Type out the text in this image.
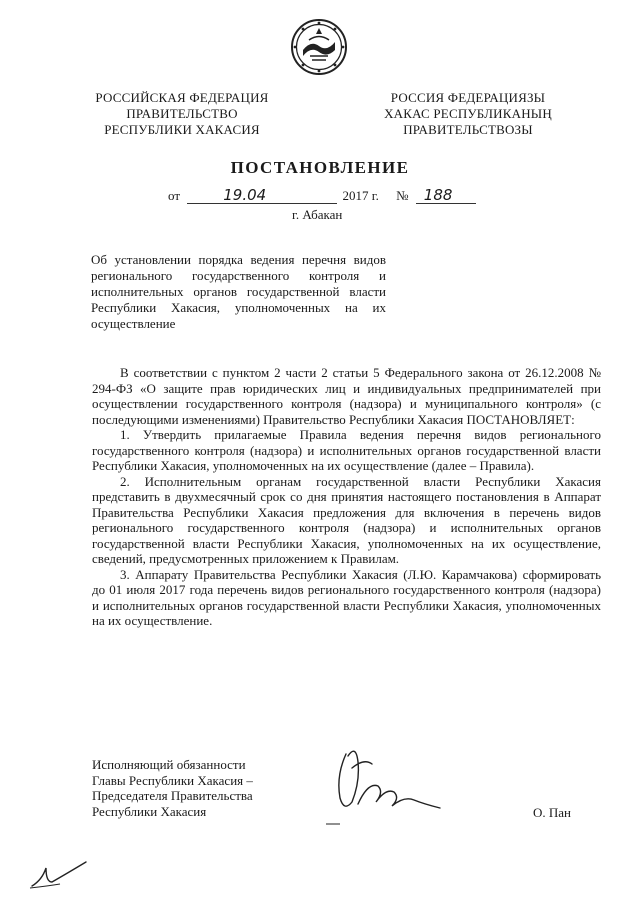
РОССИЙСКАЯ ФЕДЕРАЦИЯ
ПРАВИТЕЛЬСТВО
РЕСПУБЛИКИ ХАКАСИЯ
РОССИЯ ФЕДЕРАЦИЯЗЫ
ХАКАС РЕСПУБЛИКАНЫҢ
ПРАВИТЕЛЬСТВОЗЫ
ПОСТАНОВЛЕНИЕ
от	19.04	2017 г. № 188
г. Абакан
Об установлении порядка ведения перечня видов регионального государственного контроля и исполнительных органов государственной власти Республики Хакасия, уполномоченных на их осуществление

В соответствии с пунктом 2 части 2 статьи 5 Федерального закона от 26.12.2008 № 294-ФЗ «О защите прав юридических лиц и индивидуальных предпринимателей при осуществлении государственного контроля (надзора) и муниципального контроля» (с последующими изменениями) Правительство Республики Хакасия ПОСТАНОВЛЯЕТ:

1. Утвердить прилагаемые Правила ведения перечня видов регионального государственного контроля (надзора) и исполнительных органов государственной власти Республики Хакасия, уполномоченных на их осуществление (далее – Правила).

2. Исполнительным органам государственной власти Республики Хакасия представить в двухмесячный срок со дня принятия настоящего постановления в Аппарат Правительства Республики Хакасия предложения для включения в перечень видов регионального государственного контроля (надзора) и исполнительных органов государственной власти Республики Хакасия, уполномоченных на их осуществление, сведений, предусмотренных приложением к Правилам.

3. Аппарату Правительства Республики Хакасия (Л.Ю. Карамчакова) сформировать до 01 июля 2017 года перечень видов регионального государственного контроля (надзора) и исполнительных органов государственной власти Республики Хакасия, уполномоченных на их осуществление.

Исполняющий обязанности
Главы Республики Хакасия –
Председателя Правительства
Республики Хакасия	О. Пан
